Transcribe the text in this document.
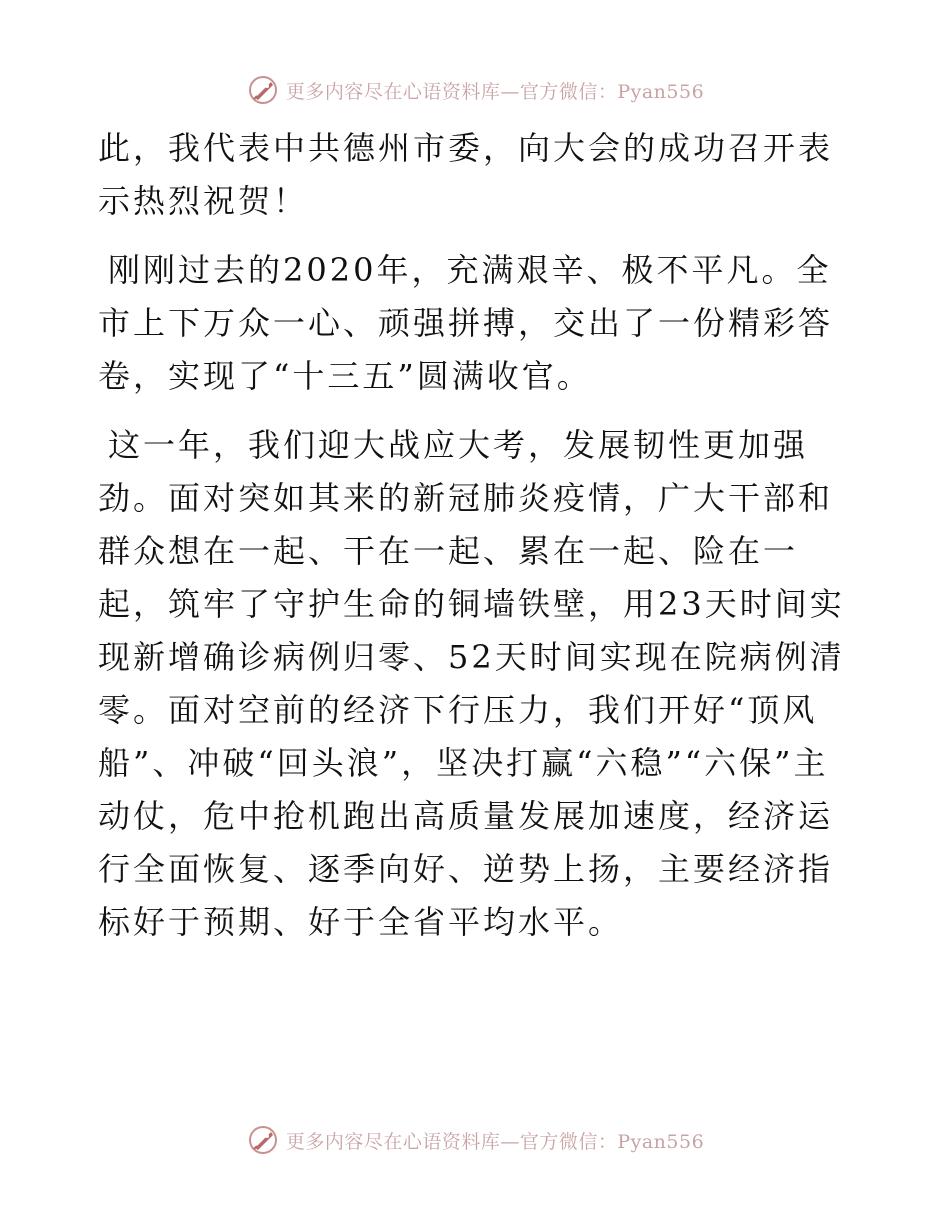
更多内容尽在心语资料库—官方微信：Pyan556

此，我代表中共德州市委，向大会的成功召开表示热烈祝贺！

刚刚过去的2020年，充满艰辛、极不平凡。全市上下万众一心、顽强拼搏，交出了一份精彩答卷，实现了“十三五”圆满收官。

这一年，我们迎大战应大考，发展韧性更加强劲。面对突如其来的新冠肺炎疫情，广大干部和群众想在一起、干在一起、累在一起、险在一起，筑牢了守护生命的铜墙铁壁，用23天时间实现新增确诊病例归零、52天时间实现在院病例清零。面对空前的经济下行压力，我们开好“顶风船”、冲破“回头浪”，坚决打赢“六稳”“六保”主动仗，危中抢机跑出高质量发展加速度，经济运行全面恢复、逐季向好、逆势上扬，主要经济指标好于预期、好于全省平均水平。

更多内容尽在心语资料库—官方微信：Pyan556
